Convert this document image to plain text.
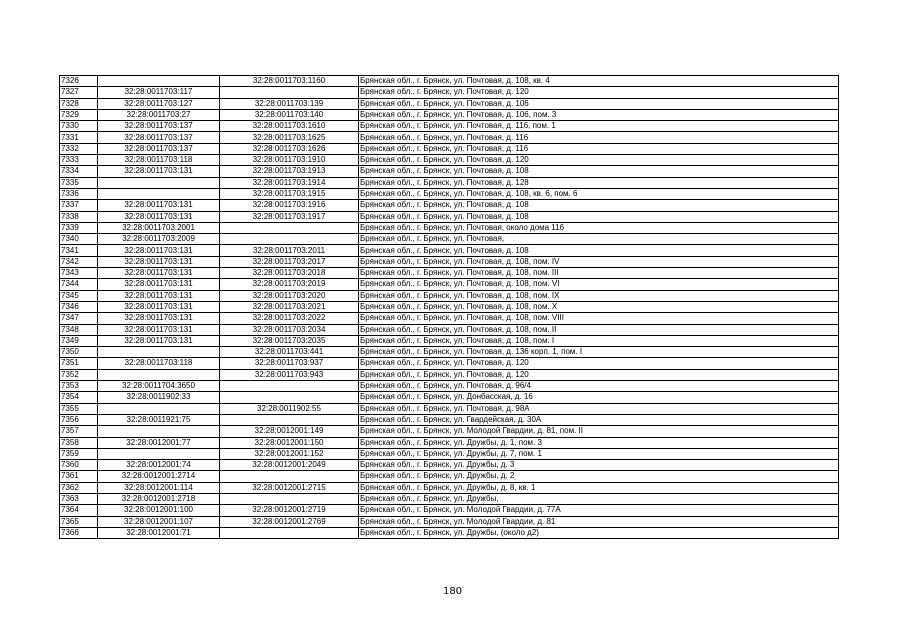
7326		32:28:0011703:1160	Брянская обл., г. Брянск, ул. Почтовая, д. 108, кв. 4
7327	32:28:0011703:117		Брянская обл., г. Брянск, ул. Почтовая, д. 120
7328	32:28:0011703:127	32:28:0011703:139	Брянская обл., г. Брянск, ул. Почтовая, д. 106
7329	32:28:0011703:27	32:28:0011703:140	Брянская обл., г. Брянск, ул. Почтовая, д. 106, пом. 3
7330	32:28:0011703:137	32:28:0011703:1610	Брянская обл., г. Брянск, ул. Почтовая, д. 116, пом. 1
7331	32:28:0011703:137	32:28:0011703:1625	Брянская обл., г. Брянск, ул. Почтовая, д. 116
7332	32:28:0011703:137	32:28:0011703:1626	Брянская обл., г. Брянск, ул. Почтовая, д. 116
7333	32:28:0011703:118	32:28:0011703:1910	Брянская обл., г. Брянск, ул. Почтовая, д. 120
7334	32:28:0011703:131	32:28:0011703:1913	Брянская обл., г. Брянск, ул. Почтовая, д. 108
7335		32:28:0011703:1914	Брянская обл., г. Брянск, ул. Почтовая, д. 128
7336		32:28:0011703:1915	Брянская обл., г. Брянск, ул. Почтовая, д. 108, кв. 6, пом. 6
7337	32:28:0011703:131	32:28:0011703:1916	Брянская обл., г. Брянск, ул. Почтовая, д. 108
7338	32:28:0011703:131	32:28:0011703:1917	Брянская обл., г. Брянск, ул. Почтовая, д. 108
7339	32:28:0011703:2001		Брянская обл., г. Брянск, ул. Почтовая, около дома 116
7340	32:28:0011703:2009		Брянская обл., г. Брянск, ул. Почтовая,
7341	32:28:0011703:131	32:28:0011703:2011	Брянская обл., г. Брянск, ул. Почтовая, д. 108
7342	32:28:0011703:131	32:28:0011703:2017	Брянская обл., г. Брянск, ул. Почтовая, д. 108, пом. IV
7343	32:28:0011703:131	32:28:0011703:2018	Брянская обл., г. Брянск, ул. Почтовая, д. 108, пом. III
7344	32:28:0011703:131	32:28:0011703:2019	Брянская обл., г. Брянск, ул. Почтовая, д. 108, пом. VI
7345	32:28:0011703:131	32:28:0011703:2020	Брянская обл., г. Брянск, ул. Почтовая, д. 108, пом. IX
7346	32:28:0011703:131	32:28:0011703:2021	Брянская обл., г. Брянск, ул. Почтовая, д. 108, пом. X
7347	32:28:0011703:131	32:28:0011703:2022	Брянская обл., г. Брянск, ул. Почтовая, д. 108, пом. VIII
7348	32:28:0011703:131	32:28:0011703:2034	Брянская обл., г. Брянск, ул. Почтовая, д. 108, пом. II
7349	32:28:0011703:131	32:28:0011703:2035	Брянская обл., г. Брянск, ул. Почтовая, д. 108, пом. I
7350		32:28:0011703:441	Брянская обл., г. Брянск, ул. Почтовая, д. 136 корп. 1, пом. I
7351	32:28:0011703:118	32:28:0011703:937	Брянская обл., г. Брянск, ул. Почтовая, д. 120
7352		32:28:0011703:943	Брянская обл., г. Брянск, ул. Почтовая, д. 120
7353	32:28:0011704:3650		Брянская обл., г. Брянск, ул. Почтовая, д. 96/4
7354	32:28:0011902:33		Брянская обл., г. Брянск, ул. Донбасская, д. 16
7355		32:28:0011902:55	Брянская обл., г. Брянск, ул. Почтовая, д. 98А
7356	32:28:0011921:75		Брянская обл., г. Брянск, ул. Гвардейская, д. 30А
7357		32:28:0012001:149	Брянская обл., г. Брянск, ул. Молодой Гвардии, д. 81, пом. II
7358	32:28:0012001:77	32:28:0012001:150	Брянская обл., г. Брянск, ул. Дружбы, д. 1, пом. 3
7359		32:28:0012001:152	Брянская обл., г. Брянск, ул. Дружбы, д. 7, пом. 1
7360	32:28:0012001:74	32:28:0012001:2049	Брянская обл., г. Брянск, ул. Дружбы, д. 3
7361	32:28:0012001:2714		Брянская обл., г. Брянск, ул. Дружбы, д. 2
7362	32:28:0012001:114	32:28:0012001:2715	Брянская обл., г. Брянск, ул. Дружбы, д. 8, кв. 1
7363	32:28:0012001:2718		Брянская обл., г. Брянск, ул. Дружбы,
7364	32:28:0012001:100	32:28:0012001:2719	Брянская обл., г. Брянск, ул. Молодой Гвардии, д. 77А
7365	32:28:0012001:107	32:28:0012001:2769	Брянская обл., г. Брянск, ул. Молодой Гвардии, д. 81
7366	32:28:0012001:71		Брянская обл., г. Брянск, ул. Дружбы, (около д2)
180
